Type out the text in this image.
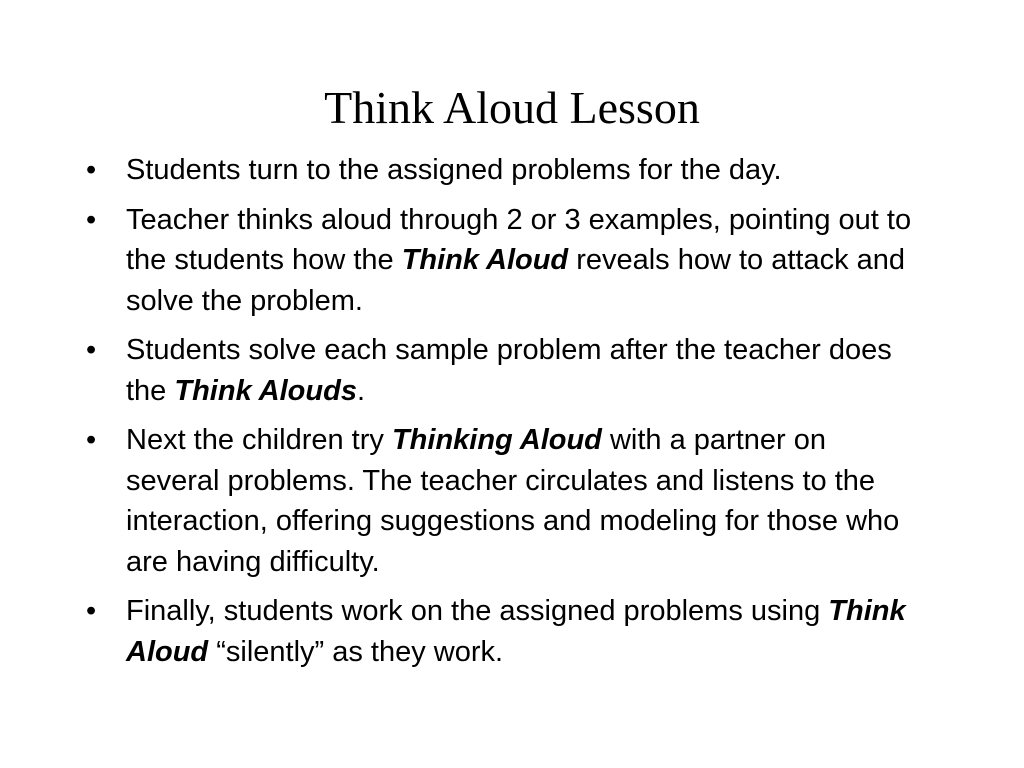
Think Aloud Lesson
• Students turn to the assigned problems for the day.
• Teacher thinks aloud through 2 or 3 examples, pointing out to the students how the Think Aloud reveals how to attack and solve the problem.
• Students solve each sample problem after the teacher does the Think Alouds.
• Next the children try Thinking Aloud with a partner on several problems. The teacher circulates and listens to the interaction, offering suggestions and modeling for those who are having difficulty.
• Finally, students work on the assigned problems using Think Aloud “silently” as they work.
